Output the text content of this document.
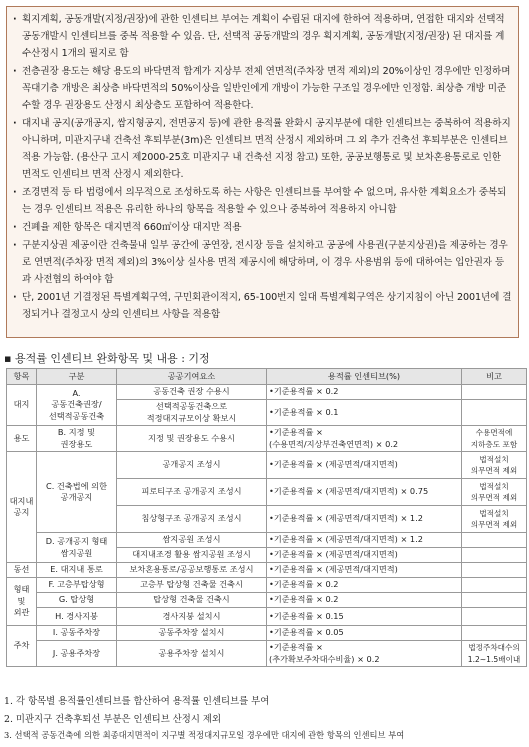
· 획지계획, 공동개발(지정/권장)에 관한 인센티브 부여는 계획이 수립된 대지에 한하여 적용하며, 연접한 대지와 선택적 공동개발시 인센티브를 중복 적용할 수 있음. 단, 선택적 공동개발의 경우 획지계획, 공동개발(지정/권장) 된 대지를 계수산정시 1개의 필지로 함
· 전층권장 용도는 해당 용도의 바닥면적 합계가 지상부 전체 연면적(주차장 면적 제외)의 20%이상인 경우에만 인정하며 꼭대기층 개방은 최상층 바닥면적의 50%이상을 일반인에게 개방이 가능한 구조일 경우에만 인정함. 최상층 개방 미준수할 경우 권장용도 산정시 최상층도 포함하여 적용한다.
· 대지내 공지(공개공지, 쌈지형공지, 전면공지 등)에 관한 용적률 완화시 공지부분에 대한 인센티브는 중복하여 적용하지 아니하며, 미관지구내 건축선 후퇴부분(3m)은 인센티브 면적 산정시 제외하며 그 외 추가 건축선 후퇴부분은 인센티브 적용 가능함. (용산구 고시 제2000-25호 미관지구 내 건축선 지정 참고) 또한, 공공보행통로 및 보차혼용통로로 인한 면적도 인센티브 면적 산정시 제외한다.
· 조경면적 등 타 법령에서 의무적으로 조성하도록 하는 사항은 인센티브를 부여할 수 없으며, 유사한 계획요소가 중복되는 경우 인센티브 적용은 유리한 하나의 항목을 적용할 수 있으나 중복하여 적용하지 아니함
· 건폐율 제한 항목은 대지면적 660㎡이상 대지만 적용
· 구분지상권 제공이란 건축물내 일부 공간에 공연장, 전시장 등을 설치하고 공공에 사용권(구분지상권)을 제공하는 경우로 연면적(주차장 면적 제외)의 3%이상 실사용 면적 제공시에 해당하며, 이 경우 사용범위 등에 대하여는 입안권자 등과 사전협의 하여야 함
· 단, 2001년 기결정된 특별계획구역, 구민회관이적지, 65-100번지 일대 특별계획구역은 상기지침이 아닌 2001년에 결정되거나 결정고시 상의 인센티브 사항을 적용함
▪ 용적률 인센티브 완화항목 및 내용 : 기정
항목	구분	공공기여요소	용적률 인센티브(%)	비고
대지	A.
공동건축권장/
선택적공동건축	공동건축 권장 수용시	•기준용적률 × 0.2	
		선택적공동건축으로
적정대지규모이상 확보시	•기준용적률 × 0.1	
용도	B. 지정 및
권장용도	지정 및 권장용도 수용시	•기준용적률 ×
(수용면적/지상부건축연면적) × 0.2	수용면적에
지하층도 포함
대지내
공지	C. 건축법에 의한
공개공지	공개공지 조성시	•기준용적률 × (제공면적/대지면적)	법적설치
의무면적 제외
		피로티구조 공개공지 조성시	•기준용적률 × (제공면적/대지면적) × 0.75	법적설치
의무면적 제외
		침상형구조 공개공지 조성시	•기준용적률 × (제공면적/대지면적) × 1.2	법적설치
의무면적 제외
	D. 공개공지 형태
쌈지공원	쌈지공원 조성시	•기준용적률 × (제공면적/대지면적) × 1.2	
		대지내조경 활용 쌈지공원 조성시	•기준용적률 × (제공면적/대지면적)	
동선	E. 대지내 통로	보차혼용통로/공공보행통로 조성시	•기준용적률 × (제공면적/대지면적)	
형태
및
외관	F. 고층부탑상형	고층부 탑상형 건축물 건축시	•기준용적률 × 0.2	
	G. 탑상형	탑상형 건축물 건축시	•기준용적률 × 0.2	
	H. 경사지붕	경사지붕 설치시	•기준용적률 × 0.15	
주차	I. 공동주차장	공동주차장 설치시	•기준용적률 × 0.05	
	J. 공용주차장	공용주차장 설치시	•기준용적률 ×
(추가확보주차대수비율) × 0.2	법정주차대수의
1.2~1.5배이내
1. 각 항목별 용적률인센티브를 합산하여 용적률 인센티브를 부여
2. 미관지구 건축후퇴선 부분은 인센티브 산정시 제외
3. 선택적 공동건축에 의한 최종대지면적이 지구별 적정대지규모일 경우에만 대지에 관한 항목의 인센티브 부여
